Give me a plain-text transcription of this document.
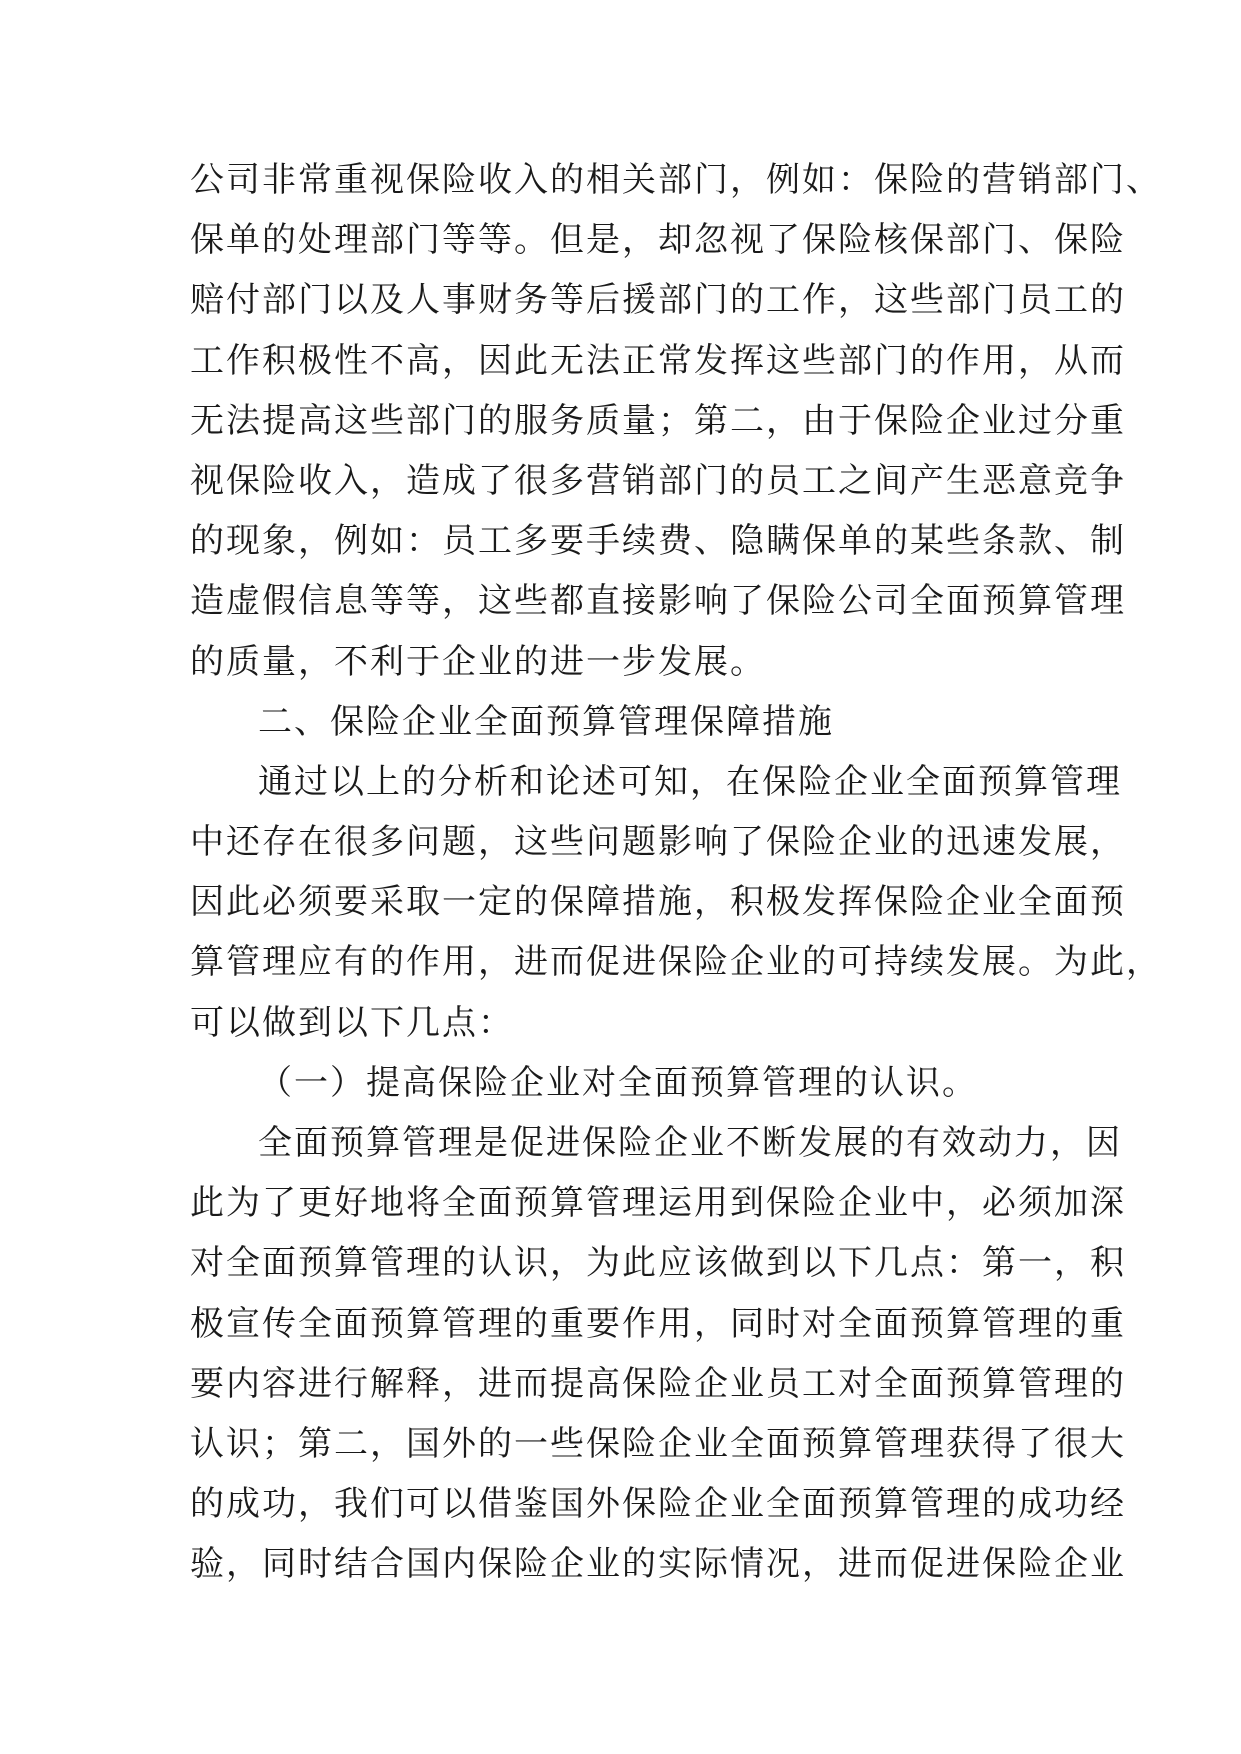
公司非常重视保险收入的相关部门，例如：保险的营销部门、
保单的处理部门等等。但是，却忽视了保险核保部门、保险
赔付部门以及人事财务等后援部门的工作，这些部门员工的
工作积极性不高，因此无法正常发挥这些部门的作用，从而
无法提高这些部门的服务质量；第二，由于保险企业过分重
视保险收入，造成了很多营销部门的员工之间产生恶意竞争
的现象，例如：员工多要手续费、隐瞒保单的某些条款、制
造虚假信息等等，这些都直接影响了保险公司全面预算管理
的质量，不利于企业的进一步发展。
二、保险企业全面预算管理保障措施
通过以上的分析和论述可知，在保险企业全面预算管理
中还存在很多问题，这些问题影响了保险企业的迅速发展，
因此必须要采取一定的保障措施，积极发挥保险企业全面预
算管理应有的作用，进而促进保险企业的可持续发展。为此，
可以做到以下几点：
（一）提高保险企业对全面预算管理的认识。
全面预算管理是促进保险企业不断发展的有效动力，因
此为了更好地将全面预算管理运用到保险企业中，必须加深
对全面预算管理的认识，为此应该做到以下几点：第一，积
极宣传全面预算管理的重要作用，同时对全面预算管理的重
要内容进行解释，进而提高保险企业员工对全面预算管理的
认识；第二，国外的一些保险企业全面预算管理获得了很大
的成功，我们可以借鉴国外保险企业全面预算管理的成功经
验，同时结合国内保险企业的实际情况，进而促进保险企业
